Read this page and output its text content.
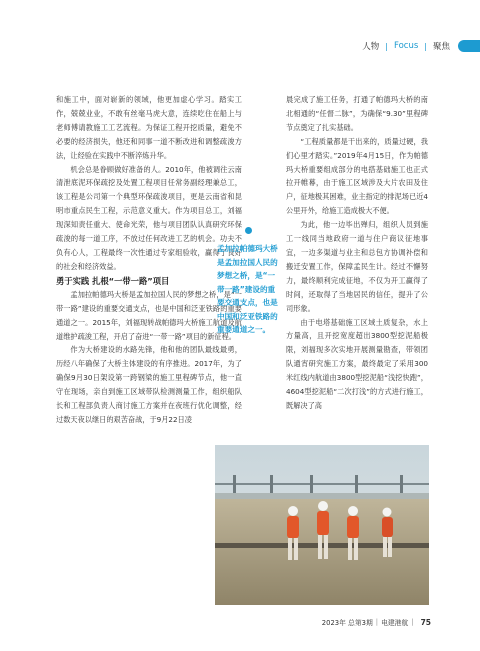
人物 | Focus | 聚焦

和施工中，面对崭新的领域，他更加虚心学习。踏实工作，兢兢业业，不敢有丝毫马虎大意，连续吃住在船上与老师傅请教施工工艺流程。为保证工程开挖质量，避免不必要的经济损失，他还和同事一道不断改进和调整疏浚方法，让经验在实践中不断淬炼升华。

机会总是眷顾做好准备的人。2010年，他被调往云南清泄底泥环保疏挖及处置工程项目任常务副经理兼总工，该工程是公司第一个典型环保疏浚项目，更是云南省和昆明市重点民生工程，示范意义重大。作为项目总工，刘福现深知责任重大、使命光荣，他与项目团队认真研究环保疏浚的每一道工序，不放过任何改进工艺的机会。功夫不负有心人，工程最终一次性通过专家组验收，赢得了良好的社会和经济效益。

勇于实践 扎根“一带一路”项目

孟加拉帕德玛大桥是孟加拉国人民的梦想之桥，是“一带一路”建设的重要交通支点，也是中国和泛亚铁路的重要通道之一。2015年，刘福现转战帕德玛大桥施工航道及航道维护疏浚工程，开启了奋进“一带一路”项目的新征程。

作为大桥建设的水路先锋，他和他的团队最线最勇，历经八年确保了大桥主体建设的有序推进。2017年，为了确保9月30日架设第一跨钢梁的施工里程碑节点，他一直守在现场，亲自到施工区域带队检测测量工作，组织船队长和工程部负责人商讨施工方案并在夜班行优化调整，经过数天夜以继日的艰苦奋战，于9月22日凌

孟加拉帕德玛大桥是孟加拉国人民的梦想之桥，是“一带一路”建设的重要交通支点，也是中国和泛亚铁路的重要通道之一。

晨完成了施工任务，打通了帕德玛大桥的南北相通的“任督二脉”，为确保“9.30”里程碑节点奠定了扎实基础。

“工程质量都是干出来的，质量过硬，我们心里才踏实。”2019年4月15日，作为帕德玛大桥重要组成部分的电搭基础施工也正式拉开帷幕，由于施工区域涉及大片农田及住户，征地极其困难，业主指定的排泥场已近4公里开外，给施工造成极大不便。

为此，他一边毕出殚归，组织人员到施工一线同当地政府一道与住户商议征地事宜，一边多渠道与业主和总包方协调补偿和搬迁安置工作，保障孟民生计。经过不懈努力，最终顺利完成征地，不仅为开工赢得了时间，还取得了当地居民的信任，提升了公司形象。

由于电塔基础施工区域土质复杂，水上方量高，且开挖宽度超出3800型挖泥船极限，刘福现多次实地开展测量勘查，带领团队通宵研究施工方案，最终最定了采用300米红线内航道由3800型挖泥船“浅挖快跑”，4604型挖泥船“二次打浅”的方式进行施工，既解决了高

2023年 总第3期 | 电建港航 | 75
